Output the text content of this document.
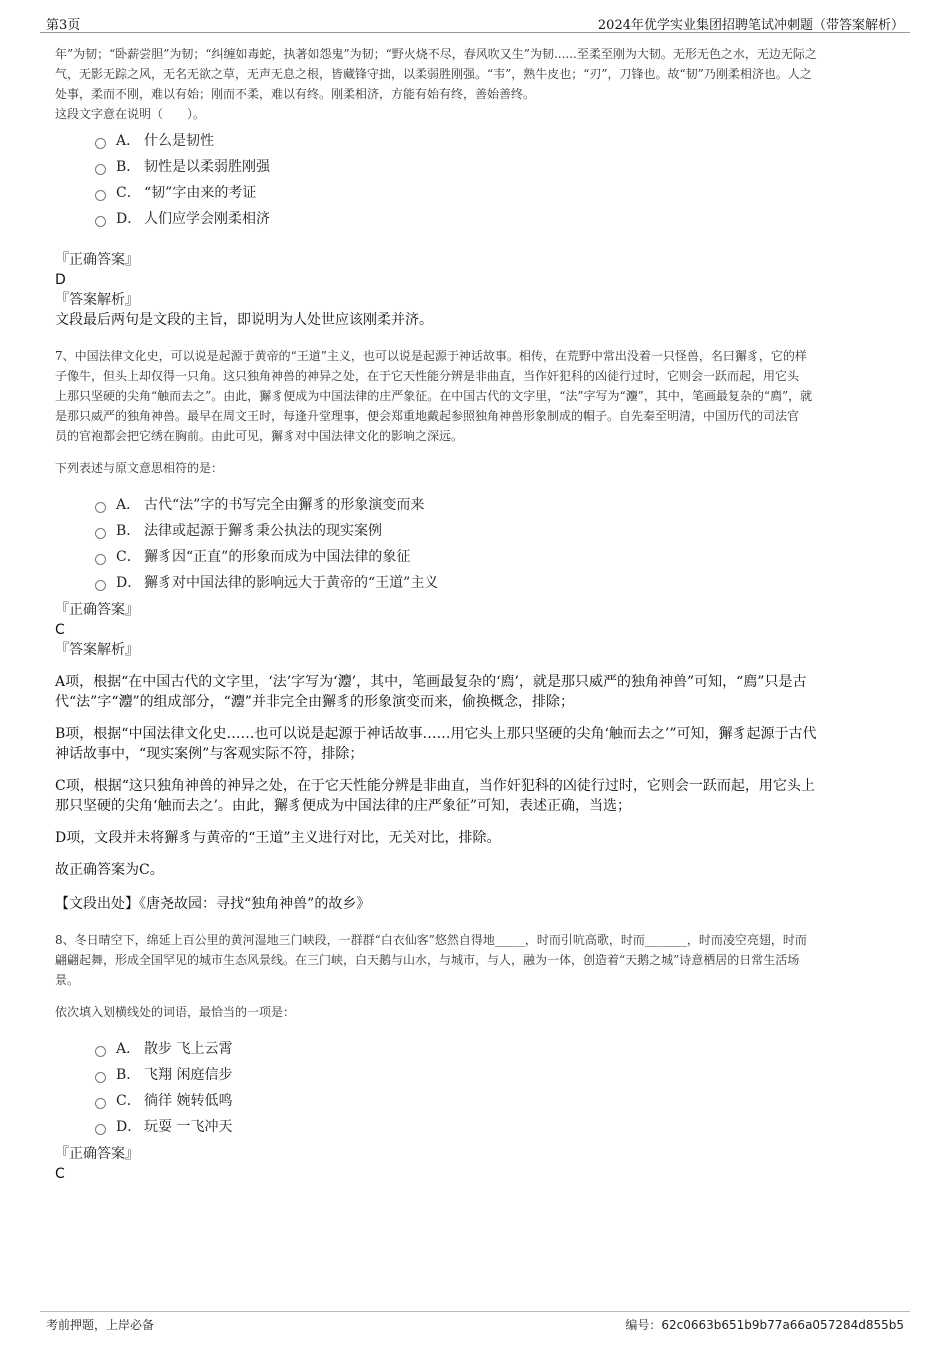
第3页	2024年优学实业集团招聘笔试冲刺题（带答案解析）

年”为韧；“卧薪尝胆”为韧；“纠缠如毒蛇，执著如怨鬼”为韧；“野火烧不尽，春风吹又生”为韧......至柔至刚为大韧。无形无色之水，无边无际之

气，无影无踪之风，无名无欲之草，无声无息之根，皆藏锋守拙，以柔弱胜刚强。“韦”，熟牛皮也；“刃”，刀锋也。故“韧”乃刚柔相济也。人之

处事，柔而不刚，难以有始；刚而不柔，难以有终。刚柔相济，方能有始有终，善始善终。

这段文字意在说明（　　）。

A． 什么是韧性
B． 韧性是以柔弱胜刚强
C． “韧”字由来的考证
D． 人们应学会刚柔相济

『正确答案』

D

『答案解析』

文段最后两句是文段的主旨，即说明为人处世应该刚柔并济。

7、中国法律文化史，可以说是起源于黄帝的“王道”主义，也可以说是起源于神话故事。相传，在荒野中常出没着一只怪兽，名曰獬豸，它的样

子像牛，但头上却仅得一只角。这只独角神兽的神异之处，在于它天性能分辨是非曲直，当作奸犯科的凶徒行过时，它则会一跃而起，用它头

上那只坚硬的尖角“触而去之”。由此，獬豸便成为中国法律的庄严象征。在中国古代的文字里，“法”字写为“灋”，其中，笔画最复杂的“廌”，就

是那只威严的独角神兽。最早在周文王时，每逢升堂理事，便会郑重地戴起参照独角神兽形象制成的帽子。自先秦至明清，中国历代的司法官

员的官袍都会把它绣在胸前。由此可见，獬豸对中国法律文化的影响之深远。

下列表述与原文意思相符的是：

A． 古代“法”字的书写完全由獬豸的形象演变而来
B． 法律或起源于獬豸秉公执法的现实案例
C． 獬豸因“正直”的形象而成为中国法律的象征
D． 獬豸对中国法律的影响远大于黄帝的“王道”主义

『正确答案』

C

『答案解析』

A项，根据“在中国古代的文字里，‘法’字写为‘灋’，其中，笔画最复杂的‘廌’，就是那只威严的独角神兽”可知，“廌”只是古

代“法”字“灋”的组成部分，“灋”并非完全由獬豸的形象演变而来，偷换概念，排除；

B项，根据“中国法律文化史……也可以说是起源于神话故事……用它头上那只坚硬的尖角‘触而去之’”可知，獬豸起源于古代

神话故事中，“现实案例”与客观实际不符，排除；

C项，根据“这只独角神兽的神异之处，在于它天性能分辨是非曲直，当作奸犯科的凶徒行过时，它则会一跃而起，用它头上

那只坚硬的尖角‘触而去之’。由此，獬豸便成为中国法律的庄严象征”可知，表述正确，当选；

D项，文段并未将獬豸与黄帝的“王道”主义进行对比，无关对比，排除。

故正确答案为C。

【文段出处】《唐尧故园：寻找“独角神兽”的故乡》

8、冬日晴空下，绵延上百公里的黄河湿地三门峡段，一群群“白衣仙客”悠然自得地_____，时而引吭高歌，时而_______，时而凌空亮翅，时而

翩翩起舞，形成全国罕见的城市生态风景线。在三门峡，白天鹅与山水，与城市，与人，融为一体，创造着“天鹅之城”诗意栖居的日常生活场

景。

依次填入划横线处的词语，最恰当的一项是：

A． 散步 飞上云霄
B． 飞翔 闲庭信步
C． 徜徉 婉转低鸣
D． 玩耍 一飞冲天

『正确答案』

C

考前押题，上岸必备	编号：62c0663b651b9b77a66a057284d855b5
